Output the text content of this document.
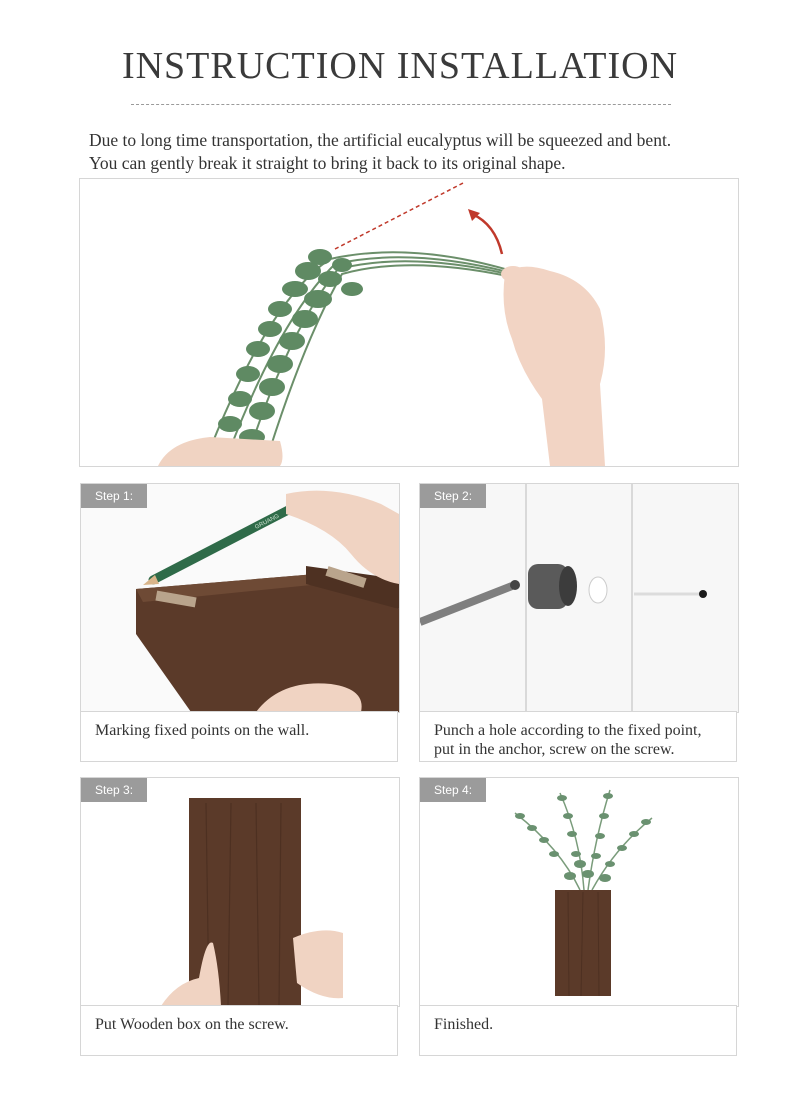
INSTRUCTION INSTALLATION

Due to long time transportation, the artificial eucalyptus will be squeezed and bent.

You can gently break it straight to bring it back to its original shape.

Step 1:
GRUANG
Marking fixed points on the wall.
Step 2:
Punch a hole according to the fixed point,
put in the anchor, screw on the screw.
Step 3:
Put Wooden box on the screw.
Step 4:
Finished.
